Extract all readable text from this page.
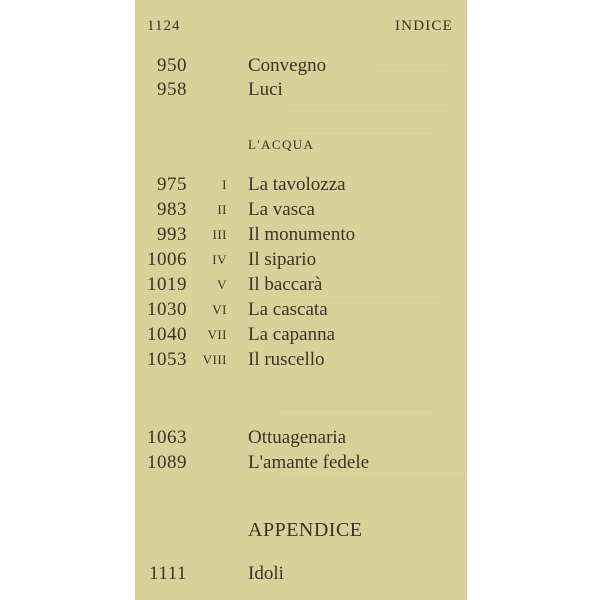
1124	INDICE
950	Convegno
958	Luci
L'ACQUA
975	I La tavolozza
983	II La vasca
993	III Il monumento
1006	IV Il sipario
1019	V Il baccarà
1030	VI La cascata
1040	VII La capanna
1053	VIII Il ruscello
1063	Ottuagenaria
1089	L'amante fedele
APPENDICE
1111	Idoli
